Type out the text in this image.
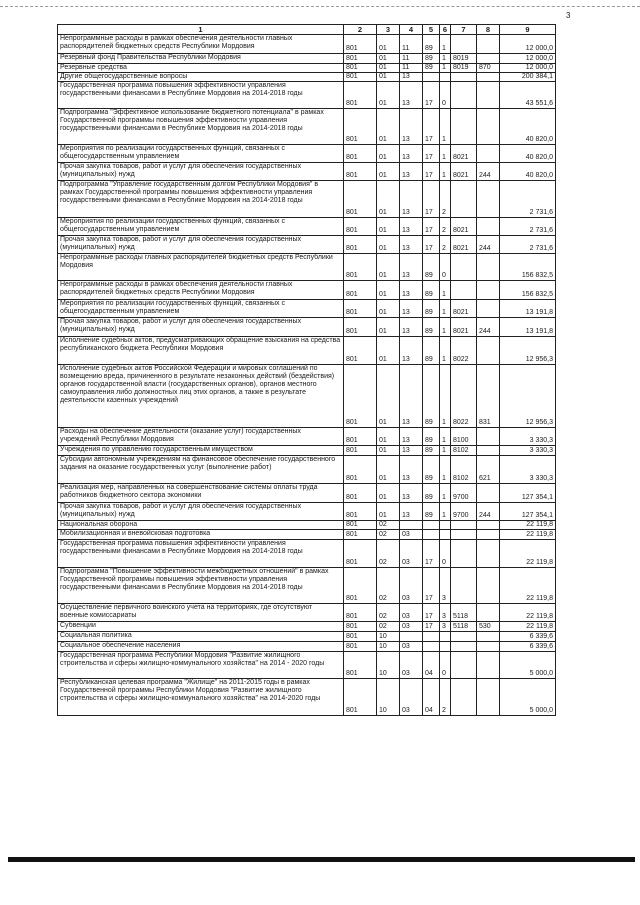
3
1	2	3	4	5	6	7	8	9
Непрограммные расходы в рамках обеспечения деятельности главных распорядителей бюджетных средств Республики Мордовия	801	01	11	89	1			12 000,0
Резервный фонд Правительства Республики Мордовия	801	01	11	89	1	8019		12 000,0
Резервные средства	801	01	11	89	1	8019	870	12 000,0
Другие общегосударственные вопросы	801	01	13					200 384,1
Государственная программа повышения эффективности управления государственными финансами в Республике Мордовия на 2014-2018 годы	801	01	13	17	0			43 551,6
Подпрограмма "Эффективное использование бюджетного потенциала" в рамках Государственной программы повышения эффективности управления государственными финансами в Республике Мордовия на 2014-2018 годы	801	01	13	17	1			40 820,0
Мероприятия по реализации государственных функций, связанных с общегосударственным управлением	801	01	13	17	1	8021		40 820,0
Прочая закупка товаров, работ и услуг для обеспечения государственных (муниципальных) нужд	801	01	13	17	1	8021	244	40 820,0
Подпрограмма "Управление государственным долгом Республики Мордовия" в рамках Государственной программы повышения эффективности управления государственными финансами в Республике Мордовия на 2014-2018 годы	801	01	13	17	2			2 731,6
Мероприятия по реализации государственных функций, связанных с общегосударственным управлением	801	01	13	17	2	8021		2 731,6
Прочая закупка товаров, работ и услуг для обеспечения государственных (муниципальных) нужд	801	01	13	17	2	8021	244	2 731,6
Непрограммные расходы главных распорядителей бюджетных средств Республики Мордовия	801	01	13	89	0			156 832,5
Непрограммные расходы в рамках обеспечения деятельности главных распорядителей бюджетных средств Республики Мордовия	801	01	13	89	1			156 832,5
Мероприятия по реализации государственных функций, связанных с общегосударственным управлением	801	01	13	89	1	8021		13 191,8
Прочая закупка товаров, работ и услуг для обеспечения государственных (муниципальных) нужд	801	01	13	89	1	8021	244	13 191,8
Исполнение судебных актов, предусматривающих обращение взыскания на средства республиканского бюджета Республики Мордовия	801	01	13	89	1	8022		12 956,3
Исполнение судебных актов Российской Федерации и мировых соглашений по возмещению вреда, причиненного в результате незаконных действий (бездействия) органов государственной власти (государственных органов), органов местного самоуправления либо должностных лиц этих органов, а также в результате деятельности казенных учреждений	801	01	13	89	1	8022	831	12 956,3
Расходы на обеспечение деятельности (оказание услуг) государственных учреждений Республики Мордовия	801	01	13	89	1	8100		3 330,3
Учреждения по управлению государственным имуществом	801	01	13	89	1	8102		3 330,3
Субсидии автономным учреждениям на финансовое обеспечение государственного задания на оказание государственных услуг (выполнение работ)	801	01	13	89	1	8102	621	3 330,3
Реализация мер, направленных на совершенствование системы оплаты труда работников бюджетного сектора экономики	801	01	13	89	1	9700		127 354,1
Прочая закупка товаров, работ и услуг для обеспечения государственных (муниципальных) нужд	801	01	13	89	1	9700	244	127 354,1
Национальная оборона	801	02						22 119,8
Мобилизационная и вневойсковая подготовка	801	02	03					22 119,8
Государственная программа повышения эффективности управления государственными финансами в Республике Мордовия на 2014-2018 годы	801	02	03	17	0			22 119,8
Подпрограмма "Повышение эффективности межбюджетных отношений" в рамках Государственной программы повышения эффективности управления государственными финансами в Республике Мордовия на 2014-2018 годы	801	02	03	17	3			22 119,8
Осуществление первичного воинского учета на территориях, где отсутствуют военные комиссариаты	801	02	03	17	3	5118		22 119,8
Субвенции	801	02	03	17	3	5118	530	22 119,8
Социальная политика	801	10						6 339,6
Социальное обеспечение населения	801	10	03					6 339,6
Государственная программа Республики Мордовия "Развитие жилищного строительства и сферы жилищно-коммунального хозяйства" на 2014 - 2020 годы	801	10	03	04	0			5 000,0
Республиканская целевая программа "Жилище" на 2011-2015 годы в рамках Государственной программы Республики Мордовия "Развитие жилищного строительства и сферы жилищно-коммунального хозяйства" на 2014-2020 годы	801	10	03	04	2			5 000,0
